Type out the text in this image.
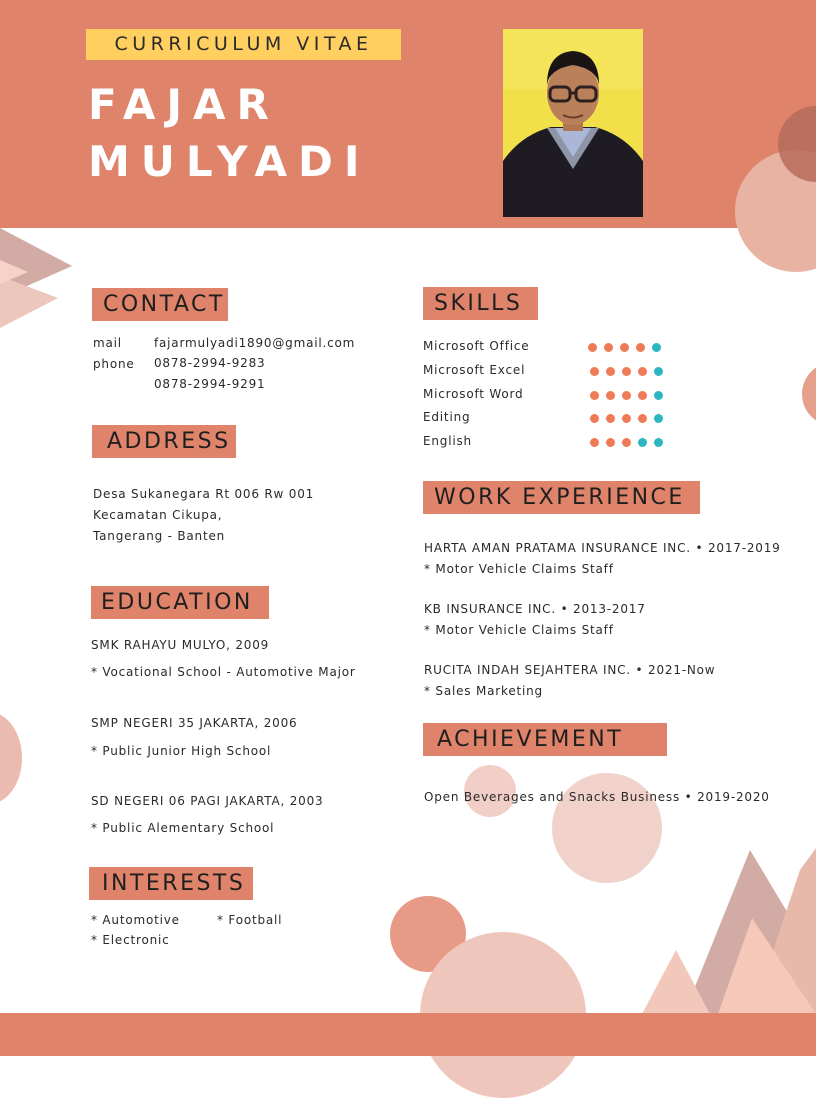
CURRICULUM VITAE
FAJAR
MULYADI
CONTACT
mail	fajarmulyadi1890@gmail.com
phone 0878-2994-9283
0878-2994-9291
ADDRESS
Desa Sukanegara Rt 006 Rw 001
Kecamatan Cikupa,
Tangerang - Banten
EDUCATION
SMK RAHAYU MULYO, 2009
* Vocational School - Automotive Major
SMP NEGERI 35 JAKARTA, 2006
* Public Junior High School
SD NEGERI 06 PAGI JAKARTA, 2003
* Public Alementary School
INTERESTS
* Automotive	* Football
* Electronic
SKILLS
Microsoft Office
Microsoft Excel
Microsoft Word
Editing
English
WORK EXPERIENCE
HARTA AMAN PRATAMA INSURANCE INC. • 2017-2019
* Motor Vehicle Claims Staff
KB INSURANCE INC. • 2013-2017
* Motor Vehicle Claims Staff
RUCITA INDAH SEJAHTERA INC. • 2021-Now
* Sales Marketing
ACHIEVEMENT
Open Beverages and Snacks Business • 2019-2020
